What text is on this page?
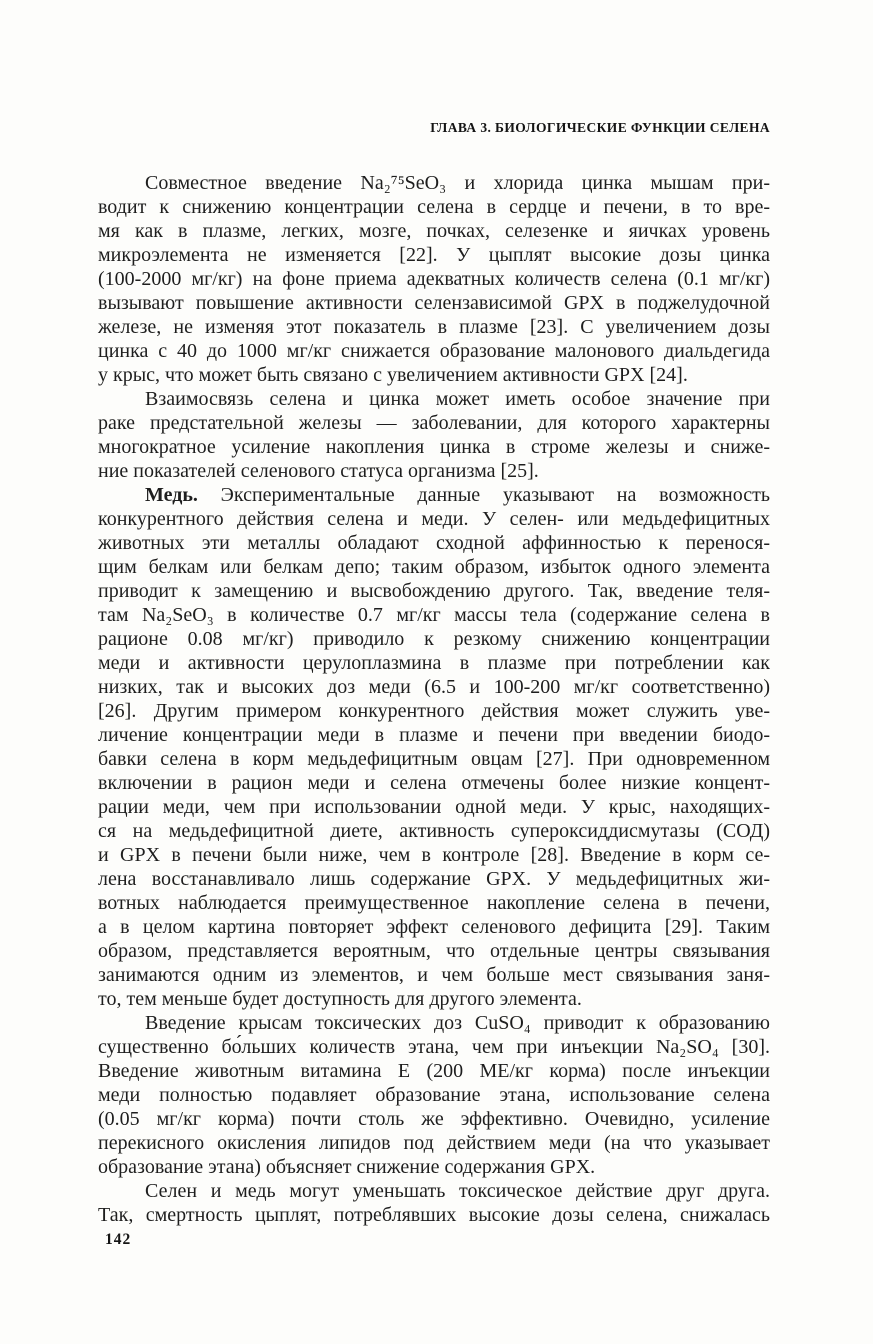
ГЛАВА 3. БИОЛОГИЧЕСКИЕ ФУНКЦИИ СЕЛЕНА
Совместное введение Na₂⁷⁵SeO₃ и хлорида цинка мышам при-
водит к снижению концентрации селена в сердце и печени, в то вре-
мя как в плазме, легких, мозге, почках, селезенке и яичках уровень
микроэлемента не изменяется [22]. У цыплят высокие дозы цинка
(100-2000 мг/кг) на фоне приема адекватных количеств селена (0.1 мг/кг)
вызывают повышение активности селензависимой GPX в поджелудочной
железе, не изменяя этот показатель в плазме [23]. С увеличением дозы
цинка с 40 до 1000 мг/кг снижается образование малонового диальдегида
у крыс, что может быть связано с увеличением активности GPX [24].
Взаимосвязь селена и цинка может иметь особое значение при
раке предстательной железы — заболевании, для которого характерны
многократное усиление накопления цинка в строме железы и сниже-
ние показателей селенового статуса организма [25].
Медь. Экспериментальные данные указывают на возможность
конкурентного действия селена и меди. У селен- или медьдефицитных
животных эти металлы обладают сходной аффинностью к перенося-
щим белкам или белкам депо; таким образом, избыток одного элемента
приводит к замещению и высвобождению другого. Так, введение теля-
там Na₂SeO₃ в количестве 0.7 мг/кг массы тела (содержание селена в
рационе 0.08 мг/кг) приводило к резкому снижению концентрации
меди и активности церулоплазмина в плазме при потреблении как
низких, так и высоких доз меди (6.5 и 100-200 мг/кг соответственно)
[26]. Другим примером конкурентного действия может служить уве-
личение концентрации меди в плазме и печени при введении биодо-
бавки селена в корм медьдефицитным овцам [27]. При одновременном
включении в рацион меди и селена отмечены более низкие концент-
рации меди, чем при использовании одной меди. У крыс, находящих-
ся на медьдефицитной диете, активность супероксиддисмутазы (СОД)
и GPX в печени были ниже, чем в контроле [28]. Введение в корм се-
лена восстанавливало лишь содержание GPX. У медьдефицитных жи-
вотных наблюдается преимущественное накопление селена в печени,
а в целом картина повторяет эффект селенового дефицита [29]. Таким
образом, представляется вероятным, что отдельные центры связывания
занимаются одним из элементов, и чем больше мест связывания заня-
то, тем меньше будет доступность для другого элемента.
Введение крысам токсических доз CuSO₄ приводит к образованию
существенно бо́льших количеств этана, чем при инъекции Na₂SO₄ [30].
Введение животным витамина Е (200 МЕ/кг корма) после инъекции
меди полностью подавляет образование этана, использование селена
(0.05 мг/кг корма) почти столь же эффективно. Очевидно, усиление
перекисного окисления липидов под действием меди (на что указывает
образование этана) объясняет снижение содержания GPX.
Селен и медь могут уменьшать токсическое действие друг друга.
Так, смертность цыплят, потреблявших высокие дозы селена, снижалась
142
